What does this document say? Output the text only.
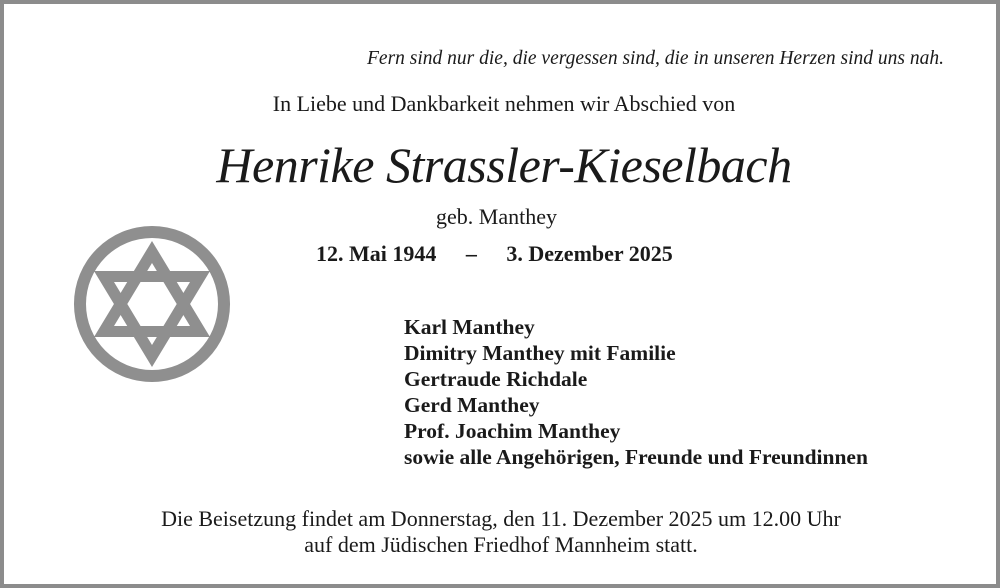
Fern sind nur die, die vergessen sind, die in unseren Herzen sind uns nah.
In Liebe und Dankbarkeit nehmen wir Abschied von
Henrike Strassler-Kieselbach
geb. Manthey
12. Mai 1944 – 3. Dezember 2025
Karl Manthey
Dimitry Manthey mit Familie
Gertraude Richdale
Gerd Manthey
Prof. Joachim Manthey
sowie alle Angehörigen, Freunde und Freundinnen
Die Beisetzung findet am Donnerstag, den 11. Dezember 2025 um 12.00 Uhr
auf dem Jüdischen Friedhof Mannheim statt.
